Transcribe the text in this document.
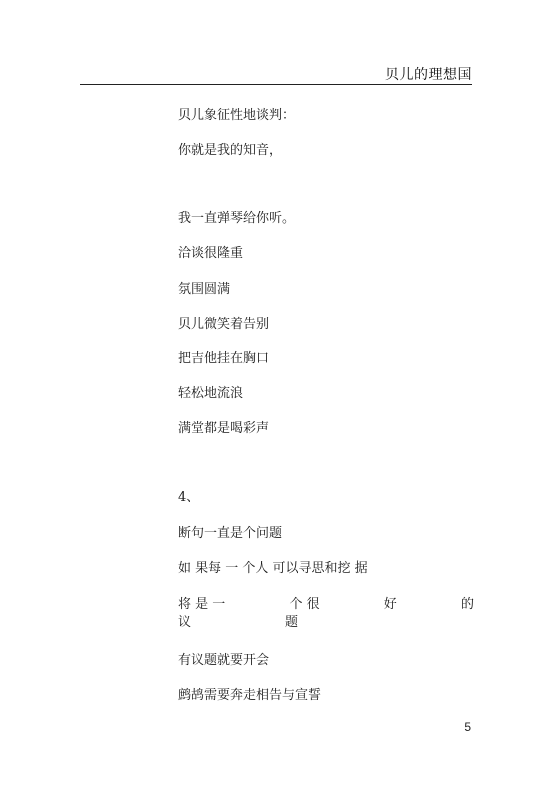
贝儿的理想国
贝儿象征性地谈判：
你就是我的知音，
我一直弹琴给你听。
洽谈很隆重
氛围圆满
贝儿微笑着告别
把吉他挂在胸口
轻松地流浪
满堂都是喝彩声
4、
断句一直是个问题
如 果每 一 个人 可以寻思和挖 据
将 是 一	个 很	好	的
议	题
有议题就要开会
鹧鸪需要奔走相告与宣誓
5
